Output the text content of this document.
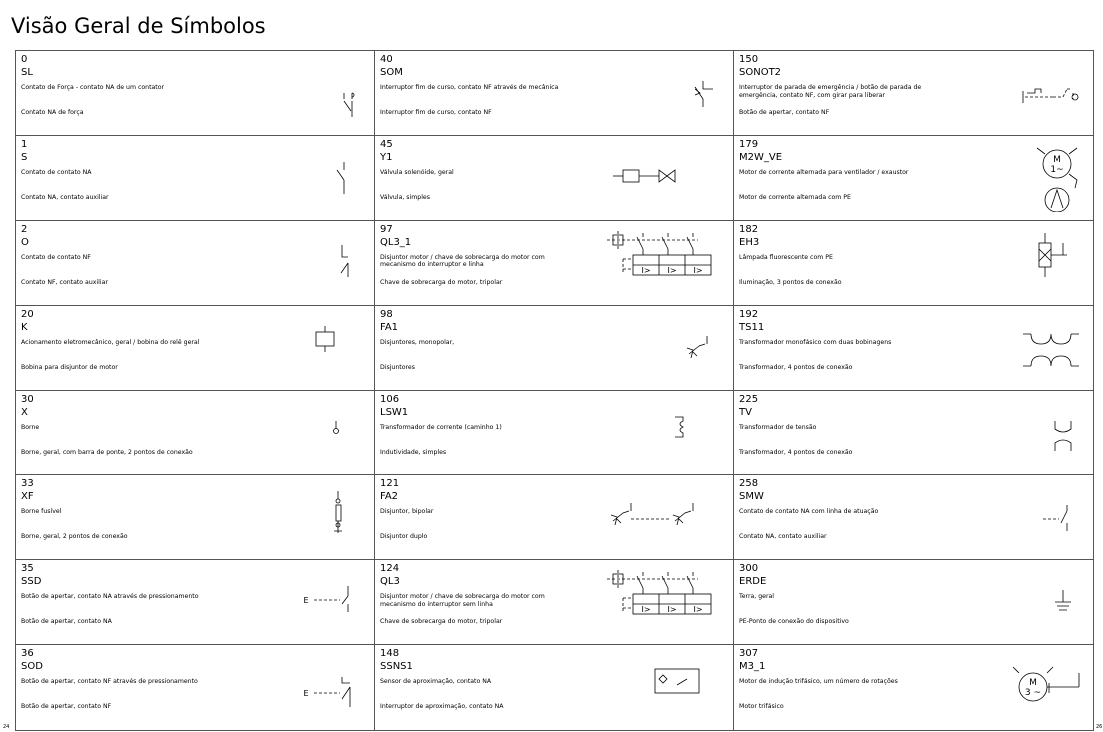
Visão Geral de Símbolos
0
SL
Contato de Força - contato NA de um contator
Contato NA de força
40
SOM
Interruptor fim de curso, contato NF através de mecânica
Interruptor fim de curso, contato NF
150
SONOT2
Interruptor de parada de emergência / botão de parada de emergência, contato NF, com girar para liberar
Botão de apertar, contato NF
1
S
Contato de contato NA
Contato NA, contato auxiliar
45
Y1
Válvula solenóide, geral
Válvula, simples
179
M2W_VE
Motor de corrente alternada para ventilador / exaustor
Motor de corrente alternada com PE
M
1~
2
O
Contato de contato NF
Contato NF, contato auxiliar
97
QL3_1
Disjuntor motor / chave de sobrecarga do motor com mecanismo do interruptor e linha
Chave de sobrecarga do motor, tripolar
I> I> I>
182
EH3
Lâmpada fluorescente com PE
Iluminação, 3 pontos de conexão
20
K
Acionamento eletromecânico, geral / bobina do relê geral
Bobina para disjuntor de motor
98
FA1
Disjuntores, monopolar,
Disjuntores
192
TS11
Transformador monofásico com duas bobinagens
Transformador, 4 pontos de conexão
30
X
Borne
Borne, geral, com barra de ponte, 2 pontos de conexão
106
LSW1
Transformador de corrente (caminho 1)
Indutividade, simples
225
TV
Transformador de tensão
Transformador, 4 pontos de conexão
33
XF
Borne fusível
Borne, geral, 2 pontos de conexão
121
FA2
Disjuntor, bipolar
Disjuntor duplo
258
SMW
Contato de contato NA com linha de atuação
Contato NA, contato auxiliar
35
SSD
Botão de apertar, contato NA através de pressionamento
Botão de apertar, contato NA
E
124
QL3
Disjuntor motor / chave de sobrecarga do motor com mecanismo do interruptor sem linha
Chave de sobrecarga do motor, tripolar
I> I> I>
300
ERDE
Terra, geral
PE-Ponto de conexão do dispositivo
36
SOD
Botão de apertar, contato NF através de pressionamento
Botão de apertar, contato NF
E
148
SSNS1
Sensor de aproximação, contato NA
Interruptor de aproximação, contato NA
307
M3_1
Motor de indução trifásico, um número de rotações
Motor trifásico
M
3 ~
24	26
